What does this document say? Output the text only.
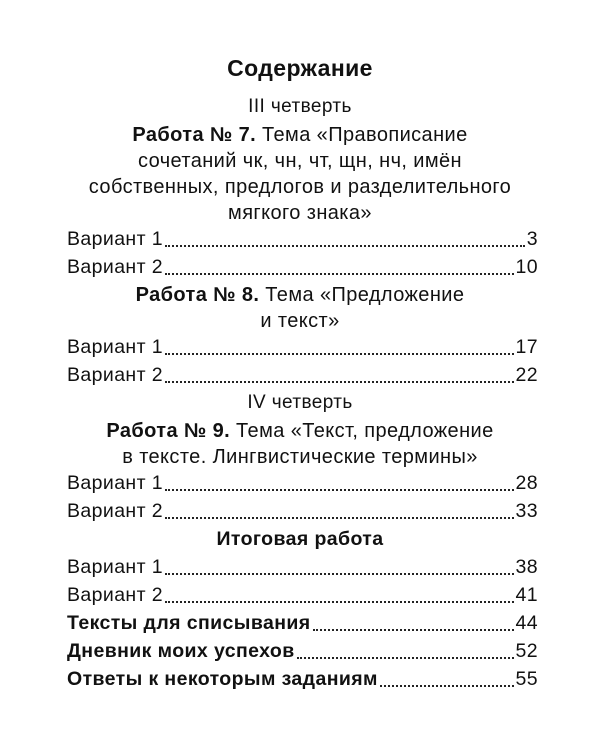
Содержание
III четверть
Работа № 7. Тема «Правописание
сочетаний чк, чн, чт, щн, нч, имён
собственных, предлогов и разделительного
мягкого знака»
Вариант 1	3
Вариант 2	10
Работа № 8. Тема «Предложение
и текст»
Вариант 1	17
Вариант 2	22
IV четверть
Работа № 9. Тема «Текст, предложение
в тексте. Лингвистические термины»
Вариант 1	28
Вариант 2	33
Итоговая работа
Вариант 1	38
Вариант 2	41
Тексты для списывания	44
Дневник моих успехов	52
Ответы к некоторым заданиям	55
